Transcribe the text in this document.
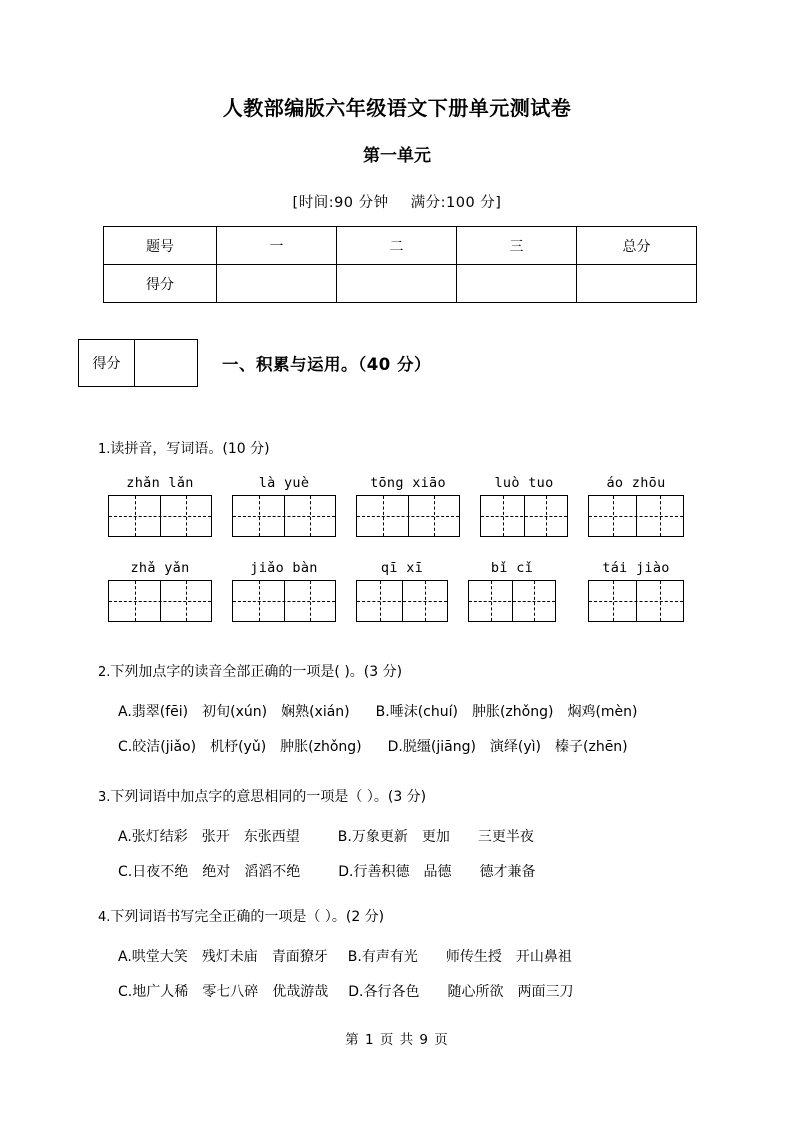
人教部编版六年级语文下册单元测试卷
第一单元
[时间:90 分钟 满分:100 分]
题号	一	二	三	总分
得分				
得分	一、积累与运用。（40 分）
1.读拼音，写词语。(10 分)
zhǎn lǎn	là yuè	tōng xiāo	luò tuo	áo zhōu
zhǎ yǎn	jiǎo bàn	qī xī	bǐ cǐ	tái jiào
2.下列加点字的读音全部正确的一项是( )。(3 分)
A.翡翠(fēi)　初旬(xún)　娴熟(xián) B.唾沫(chuí)　肿胀(zhǒng)　焖鸡(mèn)
C.皎洁(jiǎo)　机杼(yǔ)　肿胀(zhǒng) D.脱缰(jiāng)　演绎(yì)　榛子(zhēn)
3.下列词语中加点字的意思相同的一项是（ ）。(3 分)
A.张灯结彩　张开　东张西望	B.万象更新　更加　　三更半夜
C.日夜不绝　绝对　滔滔不绝	D.行善积德　品德　　德才兼备
4.下列词语书写完全正确的一项是（ ）。(2 分)
A.哄堂大笑　残灯未庙　青面獠牙 B.有声有光　　师传生授　开山鼻祖
C.地广人稀　零七八碎　优哉游哉 D.各行各色　　随心所欲　两面三刀
第 1 页 共 9 页
